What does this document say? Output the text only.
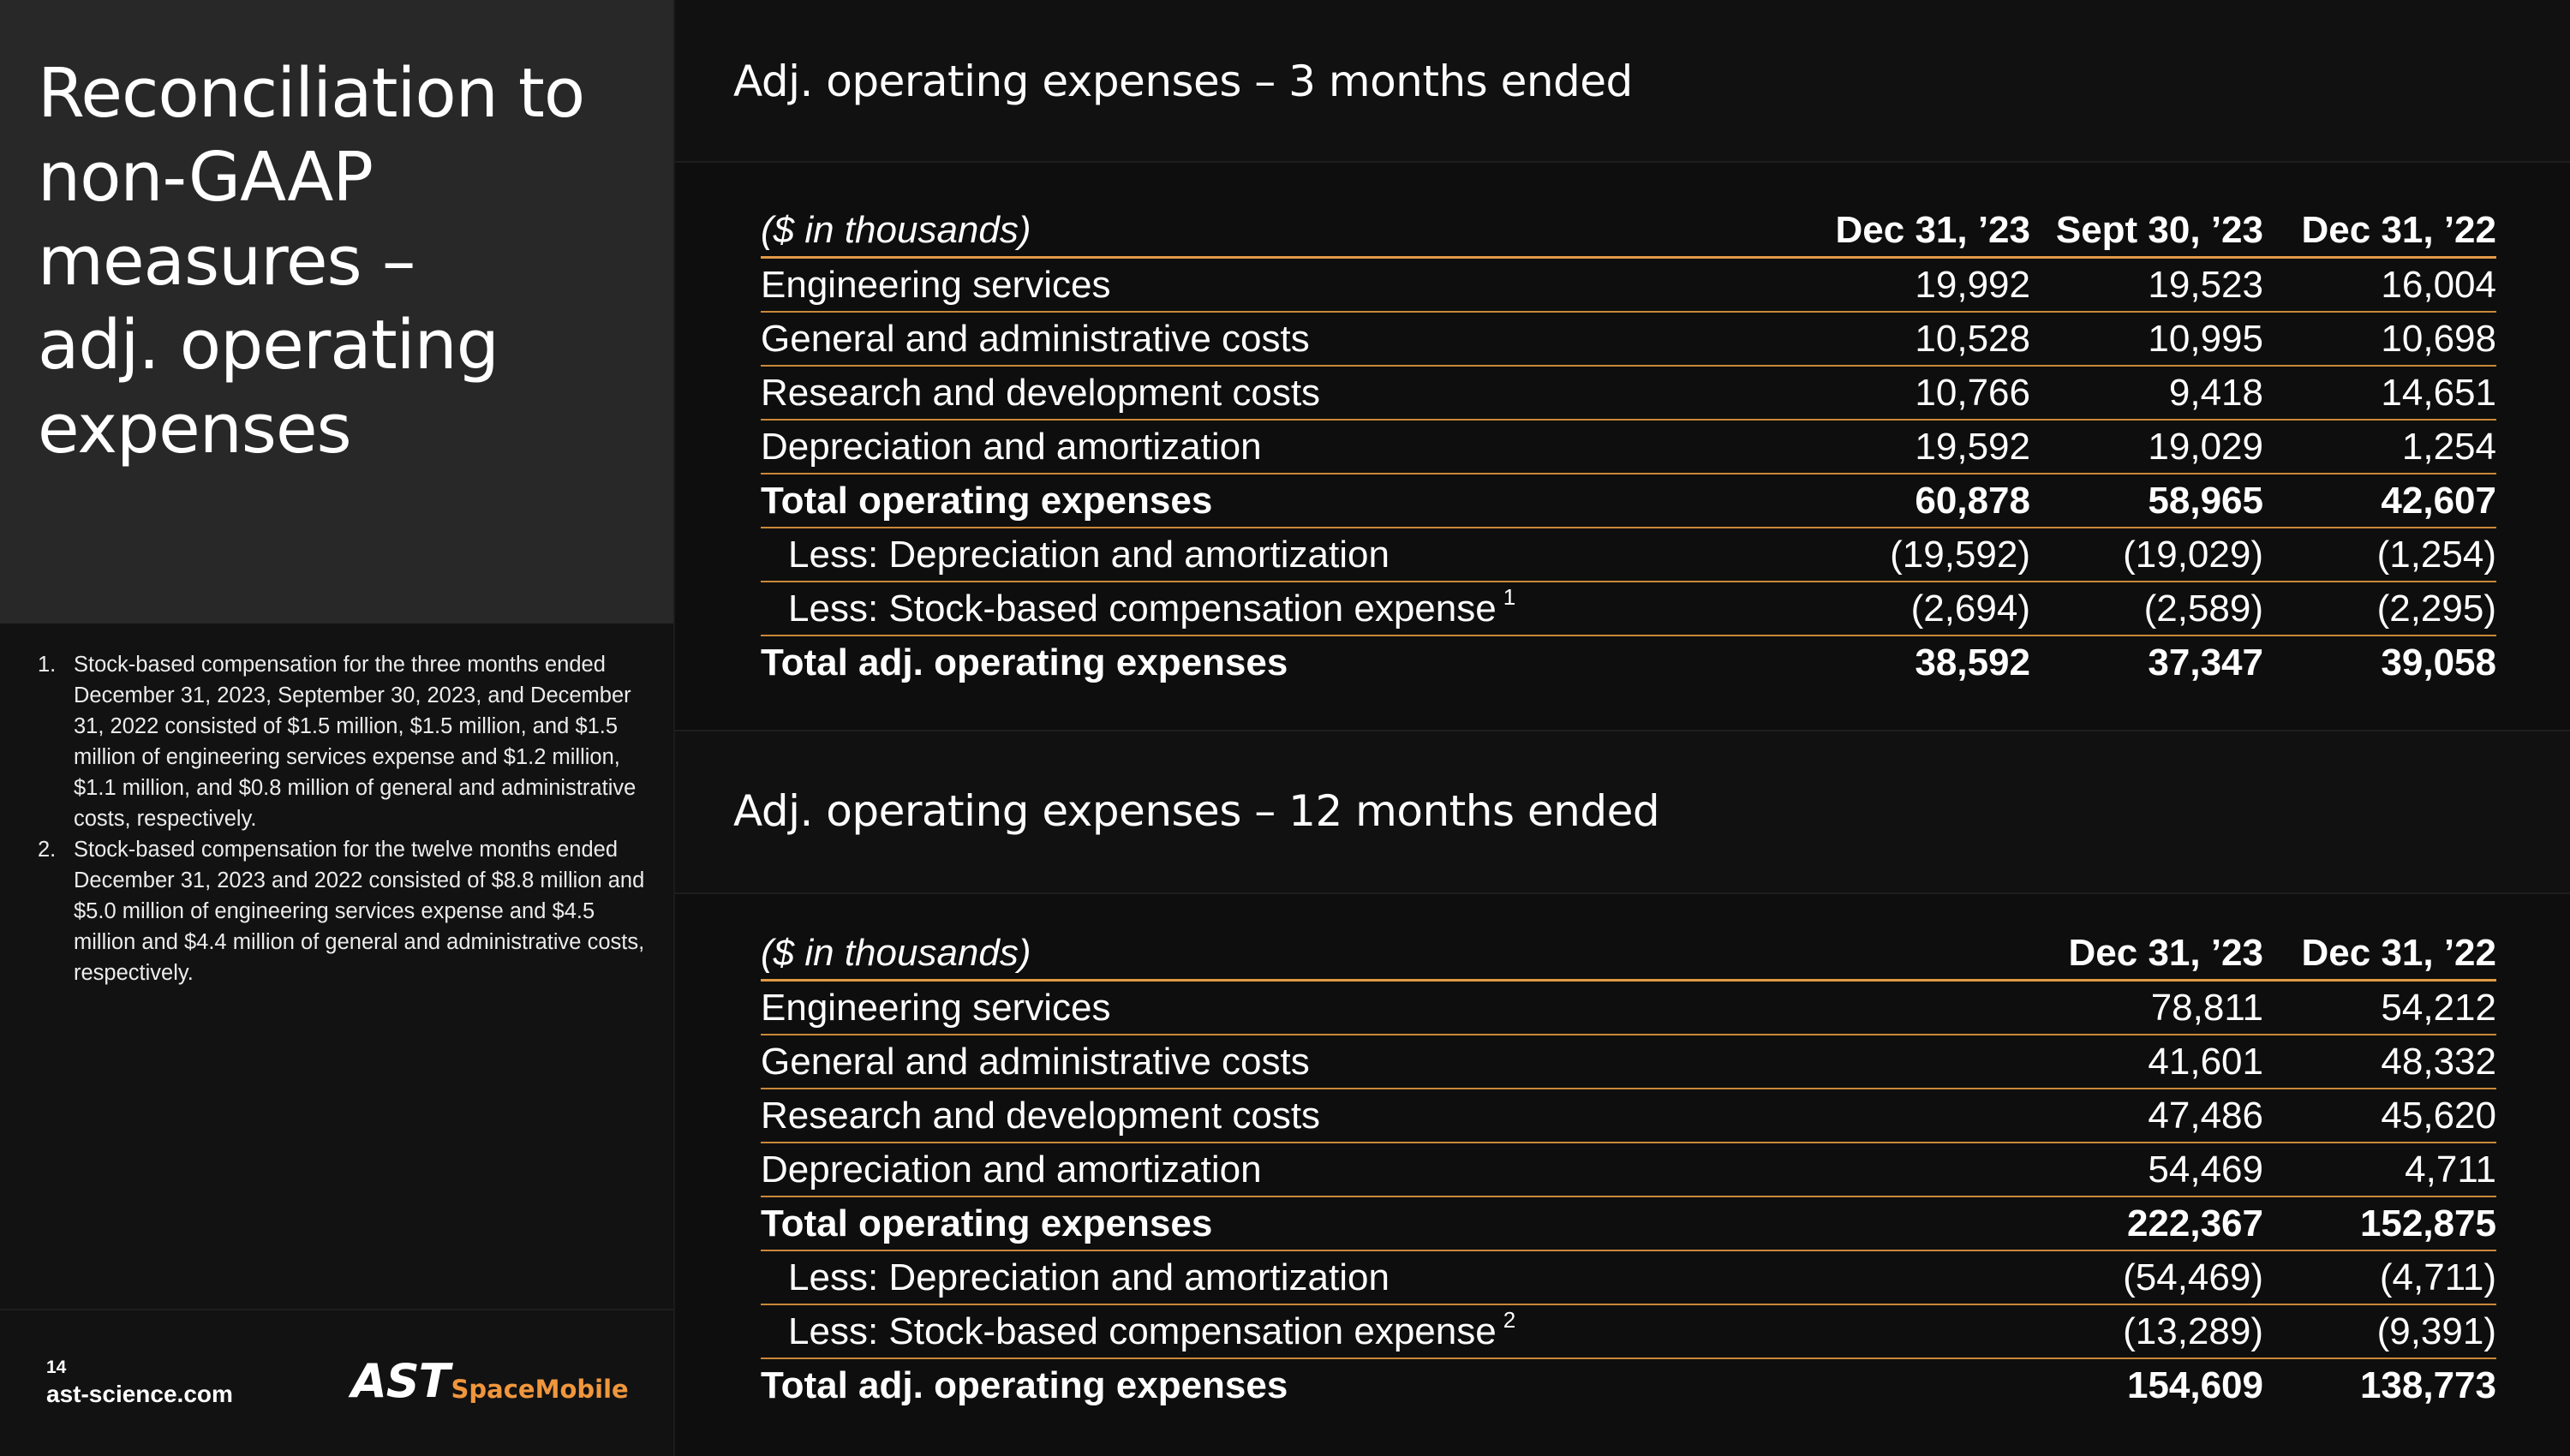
Reconciliation to
non-GAAP
measures –
adj. operating
expenses
1. Stock-based compensation for the three months ended December 31, 2023, September 30, 2023, and December 31, 2022 consisted of $1.5 million, $1.5 million, and $1.5 million of engineering services expense and $1.2 million, $1.1 million, and $0.8 million of general and administrative costs, respectively.
2. Stock-based compensation for the twelve months ended December 31, 2023 and 2022 consisted of $8.8 million and $5.0 million of engineering services expense and $4.5 million and $4.4 million of general and administrative costs, respectively.
14
ast-science.com	AST SpaceMobile
Adj. operating expenses – 3 months ended
($ in thousands)	Dec 31, ’23	Sept 30, ’23	Dec 31, ’22
Engineering services	19,992	19,523	16,004
General and administrative costs	10,528	10,995	10,698
Research and development costs	10,766	9,418	14,651
Depreciation and amortization	19,592	19,029	1,254
Total operating expenses	60,878	58,965	42,607
Less: Depreciation and amortization	(19,592)	(19,029)	(1,254)
Less: Stock-based compensation expense $^1$	(2,694)	(2,589)	(2,295)
Total adj. operating expenses	38,592	37,347	39,058
Adj. operating expenses – 12 months ended
($ in thousands)	Dec 31, ’23	Dec 31, ’22
Engineering services	78,811	54,212
General and administrative costs	41,601	48,332
Research and development costs	47,486	45,620
Depreciation and amortization	54,469	4,711
Total operating expenses	222,367	152,875
Less: Depreciation and amortization	(54,469)	(4,711)
Less: Stock-based compensation expense $^2$	(13,289)	(9,391)
Total adj. operating expenses	154,609	138,773
